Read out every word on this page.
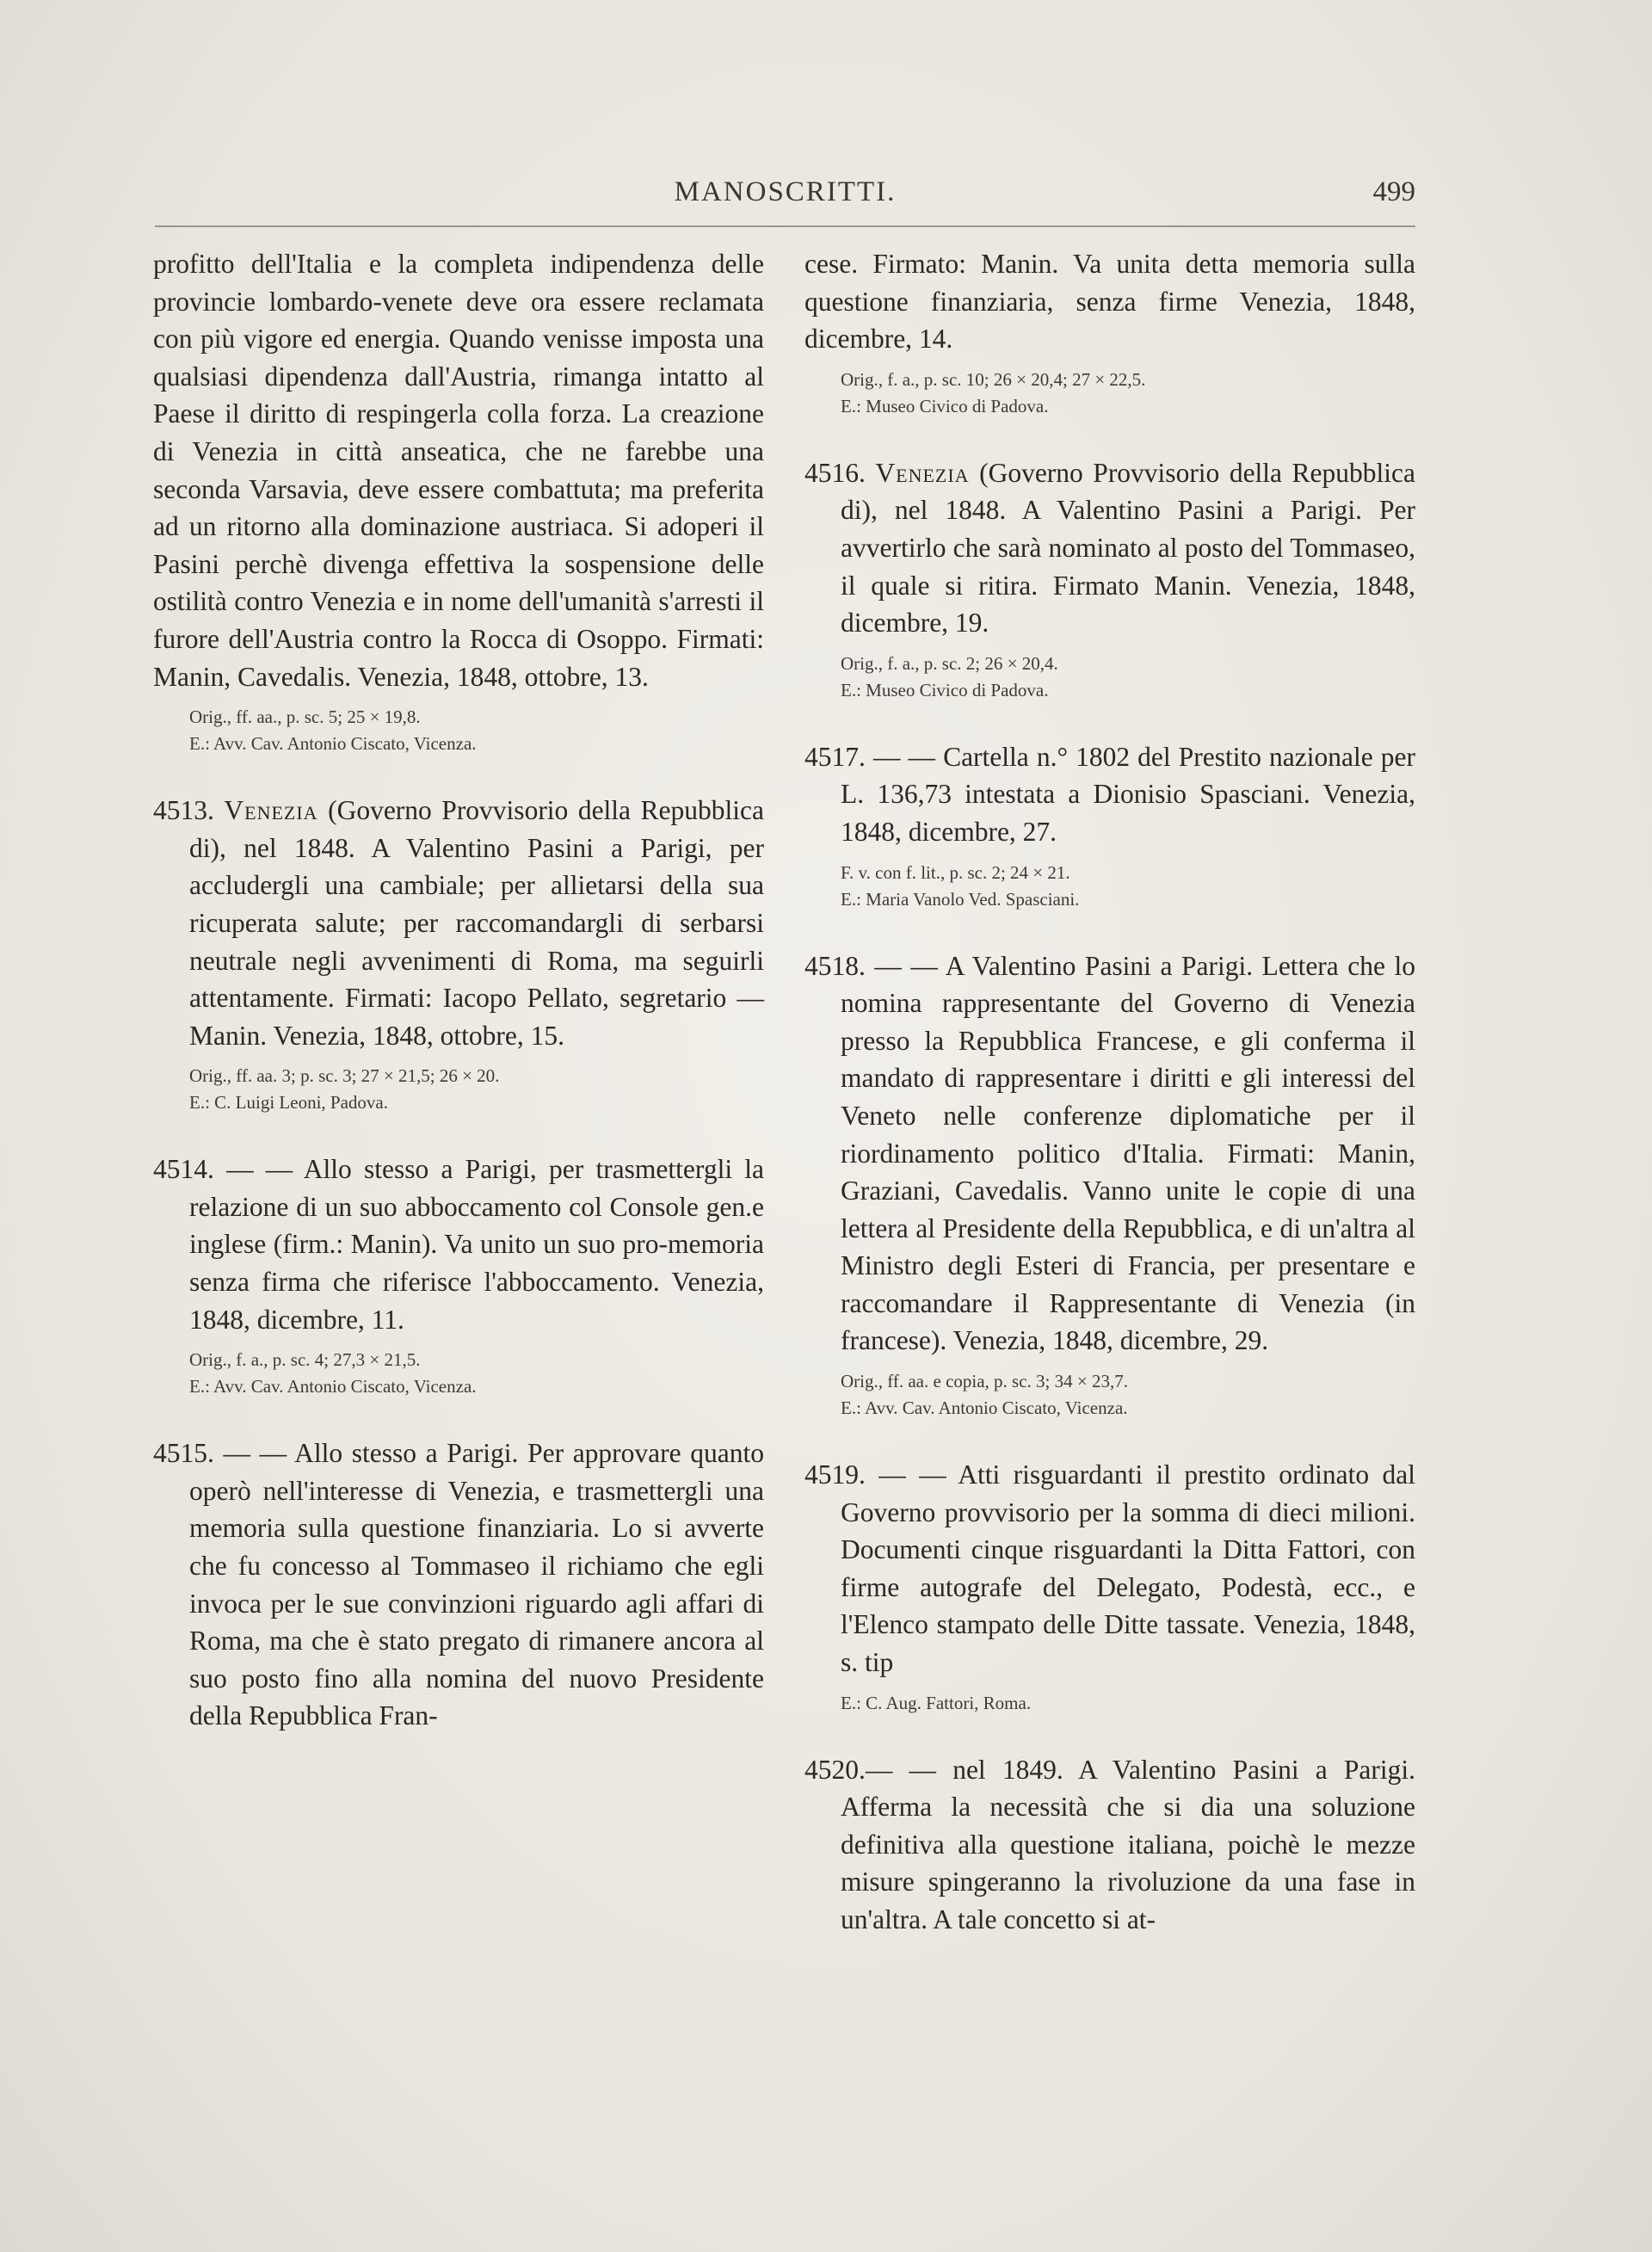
MANOSCRITTI.	499

profitto dell'Italia e la completa indipendenza delle provincie lombardo-venete deve ora essere reclamata con più vigore ed energia. Quando venisse imposta una qualsiasi dipendenza dall'Austria, rimanga intatto al Paese il diritto di respingerla colla forza. La creazione di Venezia in città anseatica, che ne farebbe una seconda Varsavia, deve essere combattuta; ma preferita ad un ritorno alla dominazione austriaca. Si adoperi il Pasini perchè divenga effettiva la sospensione delle ostilità contro Venezia e in nome dell'umanità s'arresti il furore dell'Austria contro la Rocca di Osoppo. Firmati: Manin, Cavedalis. Venezia, 1848, ottobre, 13.

Orig., ff. aa., p. sc. 5; 25 × 19,8.

E.: Avv. Cav. Antonio Ciscato, Vicenza.

4513. Venezia (Governo Provvisorio della Repubblica di), nel 1848. A Valentino Pasini a Parigi, per accludergli una cambiale; per allietarsi della sua ricuperata salute; per raccomandargli di serbarsi neutrale negli avvenimenti di Roma, ma seguirli attentamente. Firmati: Iacopo Pellato, segretario — Manin. Venezia, 1848, ottobre, 15.

Orig., ff. aa. 3; p. sc. 3; 27 × 21,5; 26 × 20.

E.: C. Luigi Leoni, Padova.

4514. — — Allo stesso a Parigi, per trasmettergli la relazione di un suo abboccamento col Console gen.e inglese (firm.: Manin). Va unito un suo pro-memoria senza firma che riferisce l'abboccamento. Venezia, 1848, dicembre, 11.

Orig., f. a., p. sc. 4; 27,3 × 21,5.

E.: Avv. Cav. Antonio Ciscato, Vicenza.

4515. — — Allo stesso a Parigi. Per approvare quanto operò nell'interesse di Venezia, e trasmettergli una memoria sulla questione finanziaria. Lo si avverte che fu concesso al Tommaseo il richiamo che egli invoca per le sue convinzioni riguardo agli affari di Roma, ma che è stato pregato di rimanere ancora al suo posto fino alla nomina del nuovo Presidente della Repubblica Fran-

cese. Firmato: Manin. Va unita detta memoria sulla questione finanziaria, senza firme Venezia, 1848, dicembre, 14.

Orig., f. a., p. sc. 10; 26 × 20,4; 27 × 22,5.

E.: Museo Civico di Padova.

4516. Venezia (Governo Provvisorio della Repubblica di), nel 1848. A Valentino Pasini a Parigi. Per avvertirlo che sarà nominato al posto del Tommaseo, il quale si ritira. Firmato Manin. Venezia, 1848, dicembre, 19.

Orig., f. a., p. sc. 2; 26 × 20,4.

E.: Museo Civico di Padova.

4517. — — Cartella n.° 1802 del Prestito nazionale per L. 136,73 intestata a Dionisio Spasciani. Venezia, 1848, dicembre, 27.

F. v. con f. lit., p. sc. 2; 24 × 21.

E.: Maria Vanolo Ved. Spasciani.

4518. — — A Valentino Pasini a Parigi. Lettera che lo nomina rappresentante del Governo di Venezia presso la Repubblica Francese, e gli conferma il mandato di rappresentare i diritti e gli interessi del Veneto nelle conferenze diplomatiche per il riordinamento politico d'Italia. Firmati: Manin, Graziani, Cavedalis. Vanno unite le copie di una lettera al Presidente della Repubblica, e di un'altra al Ministro degli Esteri di Francia, per presentare e raccomandare il Rappresentante di Venezia (in francese). Venezia, 1848, dicembre, 29.

Orig., ff. aa. e copia, p. sc. 3; 34 × 23,7.

E.: Avv. Cav. Antonio Ciscato, Vicenza.

4519. — — Atti risguardanti il prestito ordinato dal Governo provvisorio per la somma di dieci milioni. Documenti cinque risguardanti la Ditta Fattori, con firme autografe del Delegato, Podestà, ecc., e l'Elenco stampato delle Ditte tassate. Venezia, 1848, s. tip

E.: C. Aug. Fattori, Roma.

4520.— — nel 1849. A Valentino Pasini a Parigi. Afferma la necessità che si dia una soluzione definitiva alla questione italiana, poichè le mezze misure spingeranno la rivoluzione da una fase in un'altra. A tale concetto si at-
